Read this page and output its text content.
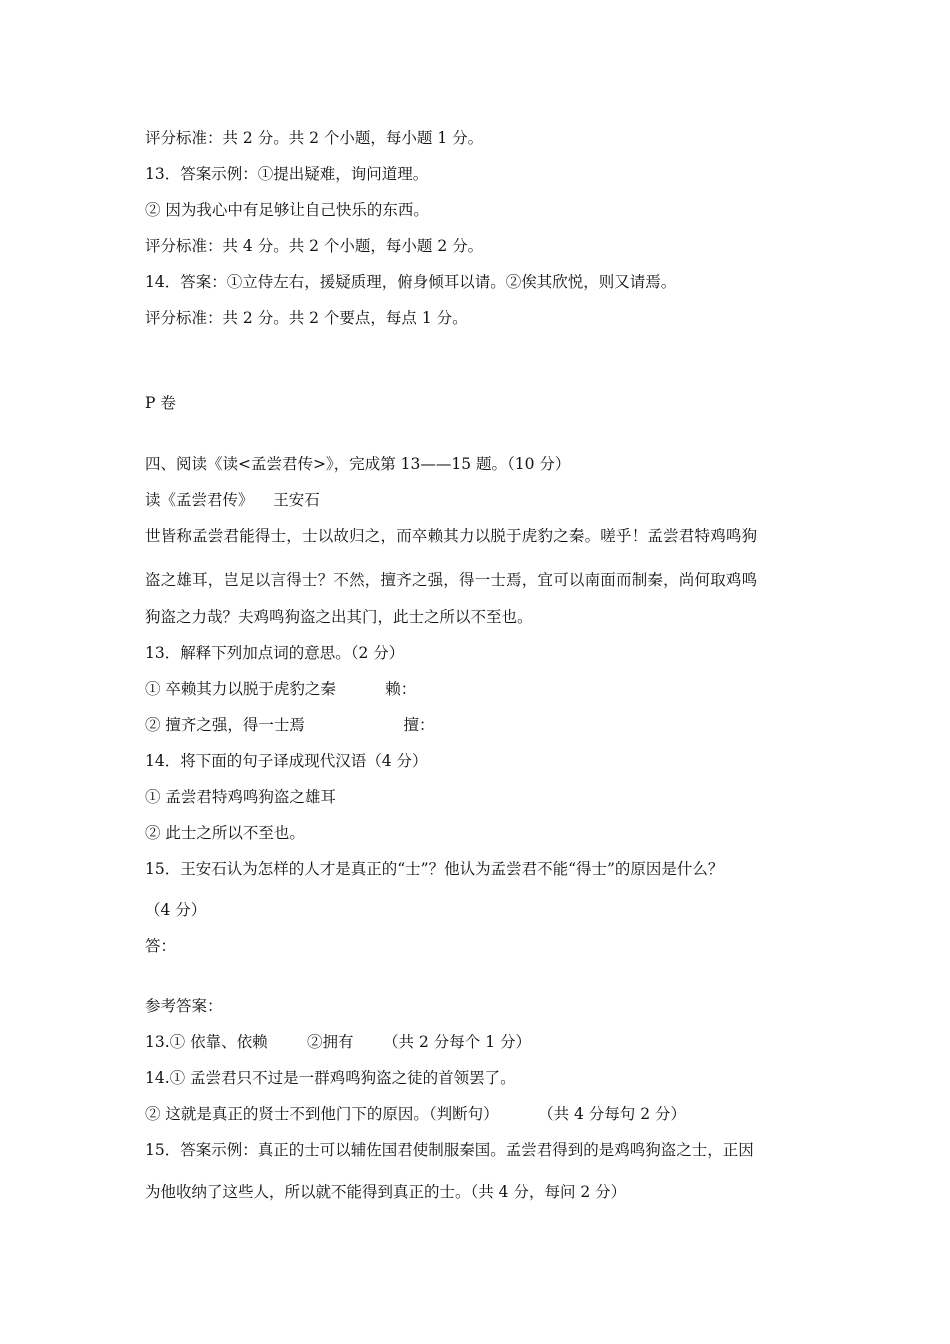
评分标准：共 2 分。共 2 个小题，每小题 1 分。
13．答案示例：①提出疑难，询问道理。
② 因为我心中有足够让自己快乐的东西。
评分标准：共 4 分。共 2 个小题，每小题 2 分。
14．答案：①立侍左右，援疑质理，俯身倾耳以请。②俟其欣悦，则又请焉。
评分标准：共 2 分。共 2 个要点，每点 1 分。
P 卷
四、阅读《读<孟尝君传>》，完成第 13——15 题。（10 分）
读《孟尝君传》    王安石
世皆称孟尝君能得士，士以故归之，而卒赖其力以脱于虎豹之秦。嗟乎！孟尝君特鸡鸣狗
盗之雄耳，岂足以言得士？不然，擅齐之强，得一士焉，宜可以南面而制秦，尚何取鸡鸣
狗盗之力哉？夫鸡鸣狗盗之出其门，此士之所以不至也。
13．解释下列加点词的意思。（2 分）
① 卒赖其力以脱于虎豹之秦          赖：
② 擅齐之强，得一士焉                    擅：
14．将下面的句子译成现代汉语（4 分）
① 孟尝君特鸡鸣狗盗之雄耳
② 此士之所以不至也。
15．王安石认为怎样的人才是真正的“士”？他认为孟尝君不能“得士”的原因是什么？
（4 分）
答：
参考答案：
13.① 依靠、依赖        ②拥有      （共 2 分每个 1 分）
14.① 孟尝君只不过是一群鸡鸣狗盗之徒的首领罢了。
② 这就是真正的贤士不到他门下的原因。（判断句）        （共 4 分每句 2 分）
15．答案示例：真正的士可以辅佐国君使制服秦国。孟尝君得到的是鸡鸣狗盗之士，正因
为他收纳了这些人，所以就不能得到真正的士。（共 4 分，每问 2 分）
